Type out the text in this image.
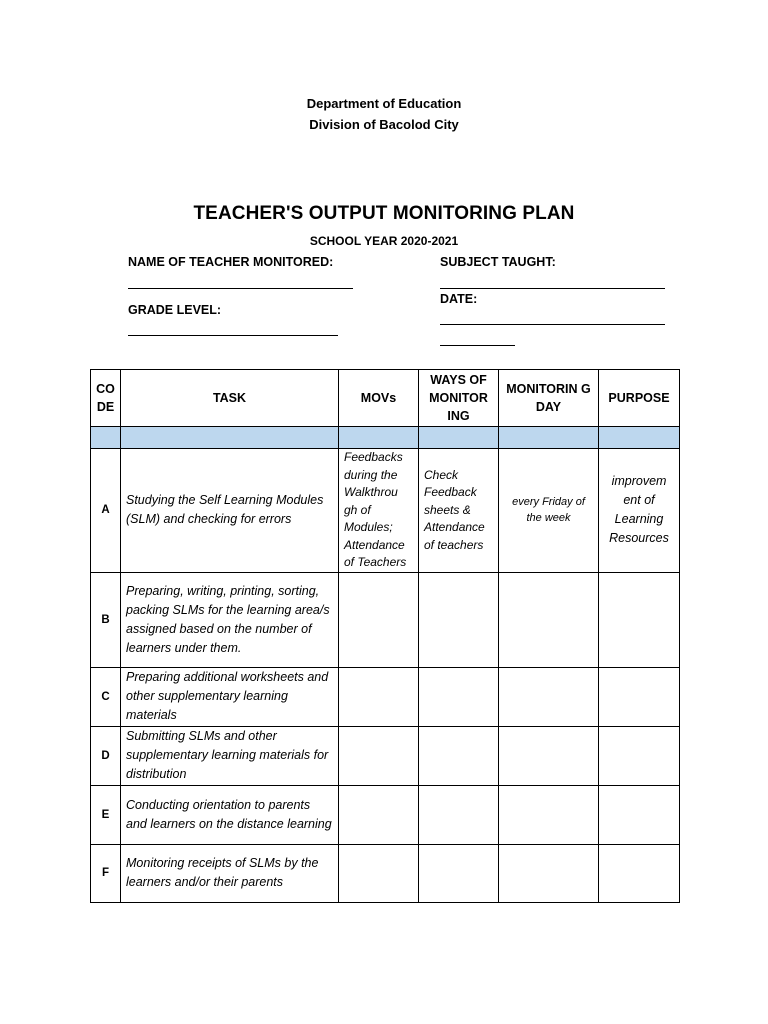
Department of Education
Division of Bacolod City
TEACHER'S OUTPUT MONITORING PLAN
SCHOOL YEAR 2020-2021
NAME OF TEACHER MONITORED:	SUBJECT TAUGHT:
GRADE LEVEL:
DATE:
CO DE	TASK	MOVs	WAYS OF MONITOR ING	MONITORIN G DAY	PURPOSE

A	Studying the Self Learning Modules (SLM) and checking for errors	Feedbacks during the Walkthrou gh of Modules; Attendance of Teachers	Check Feedback sheets & Attendance of teachers	every Friday of the week	improvem ent of Learning Resources
B	Preparing, writing, printing, sorting, packing SLMs for the learning area/s assigned based on the number of learners under them.				
C	Preparing additional worksheets and other supplementary learning materials				
D	Submitting SLMs and other supplementary learning materials for distribution				
E	Conducting orientation to parents and learners on the distance learning				
F	Monitoring receipts of SLMs by the learners and/or their parents				
